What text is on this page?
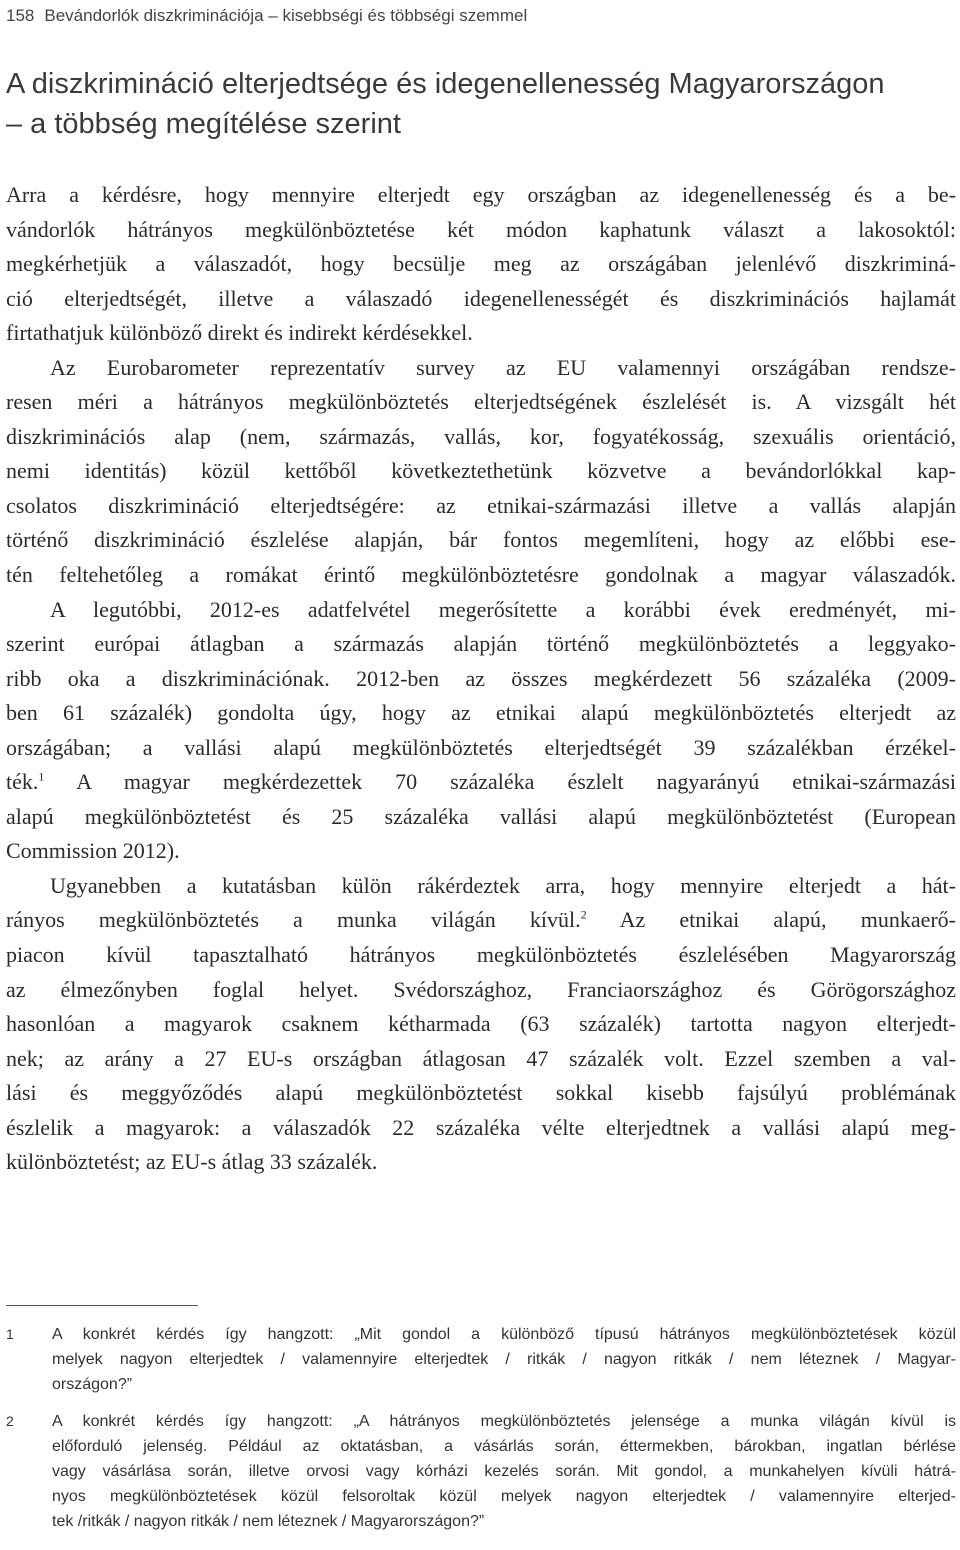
158 Bevándorlók diszkriminációja – kisebbségi és többségi szemmel
A diszkrimináció elterjedtsége és idegenellenesség Magyarországon
– a többség megítélése szerint
Arra a kérdésre, hogy mennyire elterjedt egy országban az idegenellenesség és a be-
vándorlók hátrányos megkülönböztetése két módon kaphatunk választ a lakosoktól:
megkérhetjük a válaszadót, hogy becsülje meg az országában jelenlévő diszkriminá-
ció elterjedtségét, illetve a válaszadó idegenellenességét és diszkriminációs hajlamát
firtathatjuk különböző direkt és indirekt kérdésekkel.
Az Eurobarometer reprezentatív survey az EU valamennyi országában rendsze-
resen méri a hátrányos megkülönböztetés elterjedtségének észlelését is. A vizsgált hét
diszkriminációs alap (nem, származás, vallás, kor, fogyatékosság, szexuális orientáció,
nemi identitás) közül kettőből következtethetünk közvetve a bevándorlókkal kap-
csolatos diszkrimináció elterjedtségére: az etnikai-származási illetve a vallás alapján
történő diszkrimináció észlelése alapján, bár fontos megemlíteni, hogy az előbbi ese-
tén feltehetőleg a romákat érintő megkülönböztetésre gondolnak a magyar válaszadók.
A legutóbbi, 2012-es adatfelvétel megerősítette a korábbi évek eredményét, mi-
szerint európai átlagban a származás alapján történő megkülönböztetés a leggyako-
ribb oka a diszkriminációnak. 2012-ben az összes megkérdezett 56 százaléka (2009-
ben 61 százalék) gondolta úgy, hogy az etnikai alapú megkülönböztetés elterjedt az
országában; a vallási alapú megkülönböztetés elterjedtségét 39 százalékban érzékel-
ték.$^1$ A magyar megkérdezettek 70 százaléka észlelt nagyarányú etnikai-származási
alapú megkülönböztetést és 25 százaléka vallási alapú megkülönböztetést (European
Commission 2012).
Ugyanebben a kutatásban külön rákérdeztek arra, hogy mennyire elterjedt a hát-
rányos megkülönböztetés a munka világán kívül.$^2$ Az etnikai alapú, munkaerő-
piacon kívül tapasztalható hátrányos megkülönböztetés észlelésében Magyarország
az élmezőnyben foglal helyet. Svédországhoz, Franciaországhoz és Görögországhoz
hasonlóan a magyarok csaknem kétharmada (63 százalék) tartotta nagyon elterjedt-
nek; az arány a 27 EU-s országban átlagosan 47 százalék volt. Ezzel szemben a val-
lási és meggyőződés alapú megkülönböztetést sokkal kisebb fajsúlyú problémának
észlelik a magyarok: a válaszadók 22 százaléka vélte elterjedtnek a vallási alapú meg-
különböztetést; az EU-s átlag 33 százalék.
1 A konkrét kérdés így hangzott: „Mit gondol a különböző típusú hátrányos megkülönböztetések közül
melyek nagyon elterjedtek / valamennyire elterjedtek / ritkák / nagyon ritkák / nem léteznek / Magyar-
országon?”
2 A konkrét kérdés így hangzott: „A hátrányos megkülönböztetés jelensége a munka világán kívül is
előforduló jelenség. Például az oktatásban, a vásárlás során, éttermekben, bárokban, ingatlan bérlése
vagy vásárlása során, illetve orvosi vagy kórházi kezelés során. Mit gondol, a munkahelyen kívüli hátrá-
nyos megkülönböztetések közül felsoroltak közül melyek nagyon elterjedtek / valamennyire elterjed-
tek /ritkák / nagyon ritkák / nem léteznek / Magyarországon?”
